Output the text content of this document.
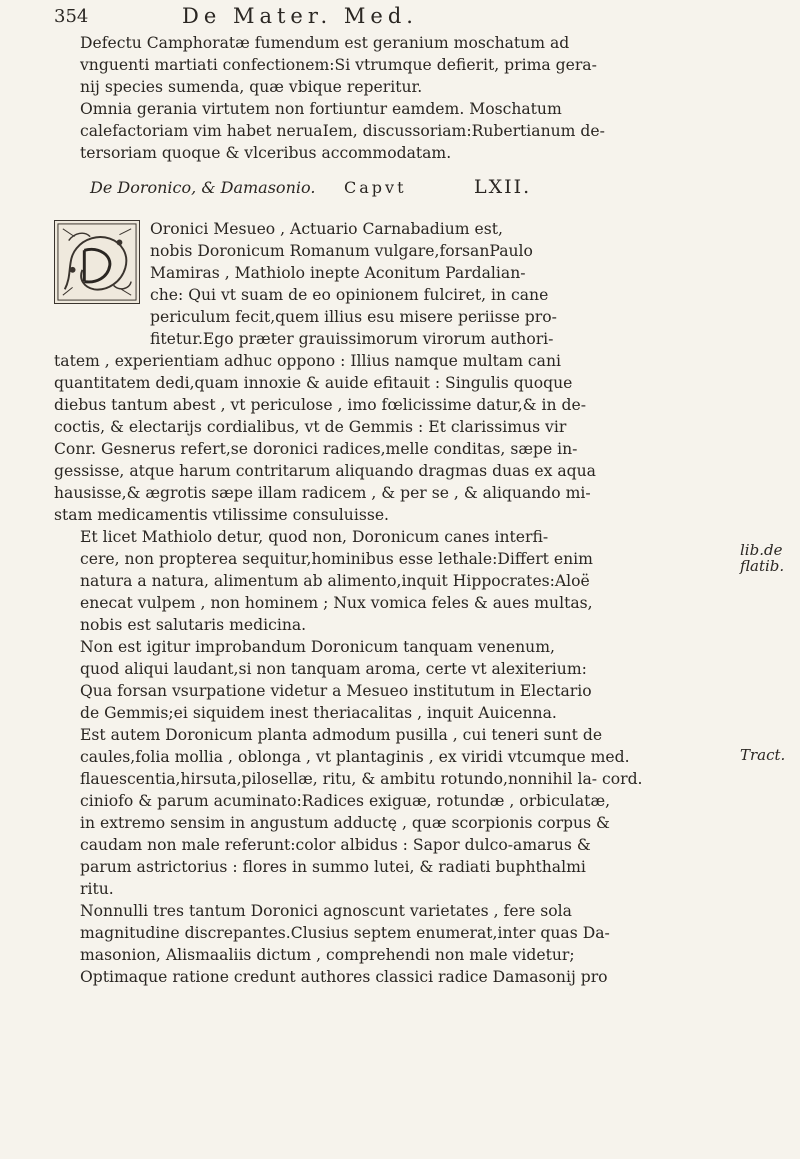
354	De Mater. Med.

Defectu Camphoratæ fumendum est geranium moschatum ad
vnguenti martiati confectionem:Si vtrumque defierit, prima gera-
nij species sumenda, quæ vbique reperitur.

Omnia gerania virtutem non fortiuntur eamdem. Moschatum
calefactoriam vim habet neruaIem, discussoriam:Rubertianum de-
tersoriam quoque & vlceribus accommodatam.

De Doronico, & Damasonio. Capvt	LXII.

Oronici Mesueo , Actuario Carnabadium est,
nobis Doronicum Romanum vulgare,forsanPaulo
Mamiras , Mathiolo inepte Aconitum Pardalian-
che: Qui vt suam de eo opinionem fulciret, in cane
periculum fecit,quem illius esu misere periisse pro-
fitetur.Ego præter grauissimorum virorum authori-
tatem , experientiam adhuc oppono : Illius namque multam cani
quantitatem dedi,quam innoxie & auide efitauit : Singulis quoque
diebus tantum abest , vt periculose , imo fœlicissime datur,& in de-
coctis, & electarijs cordialibus, vt de Gemmis : Et clarissimus vir
Conr. Gesnerus refert,se doronici radices,melle conditas, sæpe in-
gessisse, atque harum contritarum aliquando dragmas duas ex aqua
hausisse,& ægrotis sæpe illam radicem , & per se , & aliquando mi-
stam medicamentis vtilissime consuluisse.

Et licet Mathiolo detur, quod non, Doronicum canes interfi-
cere, non propterea sequitur,hominibus esse lethale:Differt enim
natura a natura, alimentum ab alimento,inquit Hippocrates:Aloë
enecat vulpem , non hominem ; Nux vomica feles & aues multas,
nobis est salutaris medicina.

Non est igitur improbandum Doronicum tanquam venenum,
quod aliqui laudant,si non tanquam aroma, certe vt alexiterium:
Qua forsan vsurpatione videtur a Mesueo institutum in Electario
de Gemmis;ei siquidem inest theriacalitas , inquit Auicenna.
Est autem Doronicum planta admodum pusilla , cui teneri sunt de
caules,folia mollia , oblonga , vt plantaginis , ex viridi vtcumque med.
flauescentia,hirsuta,pilosellæ, ritu, & ambitu rotundo,nonnihil la- cord.
ciniofo & parum acuminato:Radices exiguæ, rotundæ , orbiculatæ,
in extremo sensim in angustum adductę , quæ scorpionis corpus &
caudam non male referunt:color albidus : Sapor dulco-amarus &
parum astrictorius : flores in summo lutei, & radiati buphthalmi
ritu.

Nonnulli tres tantum Doronici agnoscunt varietates , fere sola
magnitudine discrepantes.Clusius septem enumerat,inter quas Da-
masonion, Alismaaliis dictum , comprehendi non male videtur;
Optimaque ratione credunt authores classici radice Damasonij pro

lib.de flatib.
Tract.
